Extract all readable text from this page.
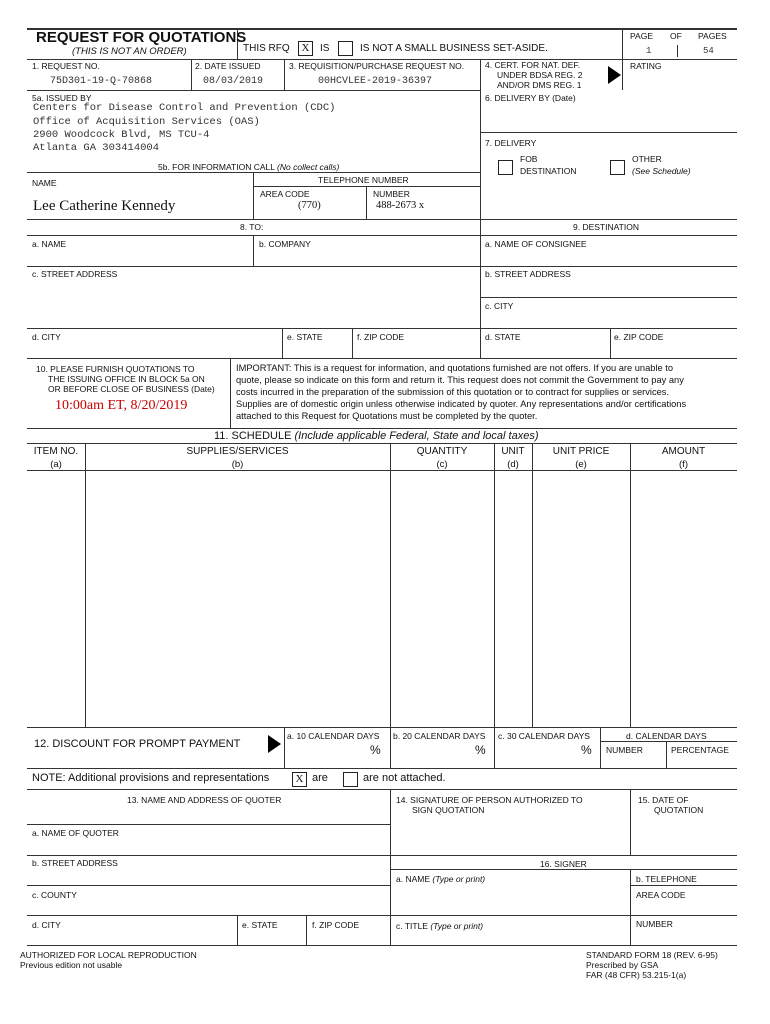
REQUEST FOR QUOTATIONS
(THIS IS NOT AN ORDER)	THIS RFQ	X	IS	IS NOT A SMALL BUSINESS SET-ASIDE.
PAGE OF PAGES
1	54
1. REQUEST NO.
75D301-19-Q-70868
2. DATE ISSUED
08/03/2019
3. REQUISITION/PURCHASE REQUEST NO.
00HCVLEE-2019-36397
4. CERT. FOR NAT. DEF.
UNDER BDSA REG. 2
AND/OR DMS REG. 1
RATING
5a. ISSUED BY
Centers for Disease Control and Prevention (CDC)
Office of Acquisition Services (OAS)
2900 Woodcock Blvd, MS TCU-4
Atlanta GA 303414004
6. DELIVERY BY (Date)
7. DELIVERY
FOB
DESTINATION
OTHER
(See Schedule)
5b. FOR INFORMATION CALL (No collect calls)
TELEPHONE NUMBER
NAME
AREA CODE	NUMBER
Lee Catherine Kennedy	(770)	488-2673 x
8. TO:	9. DESTINATION
a. NAME	b. COMPANY	a. NAME OF CONSIGNEE
c. STREET ADDRESS	b. STREET ADDRESS
c. CITY
d. CITY	e. STATE	f. ZIP CODE	d. STATE	e. ZIP CODE
10. PLEASE FURNISH QUOTATIONS TO
THE ISSUING OFFICE IN BLOCK 5a ON
OR BEFORE CLOSE OF BUSINESS (Date)
10:00am ET, 8/20/2019
IMPORTANT: This is a request for information, and quotations furnished are not offers. If you are unable to
quote, please so indicate on this form and return it. This request does not commit the Government to pay any
costs incurred in the preparation of the submission of this quotation or to contract for supplies or services.
Supplies are of domestic origin unless otherwise indicated by quoter. Any representations and/or certifications
attached to this Request for Quotations must be completed by the quoter.
11. SCHEDULE (Include applicable Federal, State and local taxes)
ITEM NO.
(a)
SUPPLIES/SERVICES
(b)
QUANTITY
(c)
UNIT
(d)
UNIT PRICE
(e)
AMOUNT
(f)
12. DISCOUNT FOR PROMPT PAYMENT
a. 10 CALENDAR DAYS
%
b. 20 CALENDAR DAYS
%
c. 30 CALENDAR DAYS
%
d. CALENDAR DAYS
NUMBER	PERCENTAGE
NOTE: Additional provisions and representations	X are	are not attached.
13. NAME AND ADDRESS OF QUOTER
a. NAME OF QUOTER
b. STREET ADDRESS
c. COUNTY
d. CITY	e. STATE	f. ZIP CODE
14. SIGNATURE OF PERSON AUTHORIZED TO
SIGN QUOTATION
15. DATE OF
QUOTATION
16. SIGNER
a. NAME (Type or print)	b. TELEPHONE
AREA CODE
c. TITLE (Type or print)	NUMBER
AUTHORIZED FOR LOCAL REPRODUCTION
Previous edition not usable
STANDARD FORM 18 (REV. 6-95)
Prescribed by GSA
FAR (48 CFR) 53.215-1(a)
